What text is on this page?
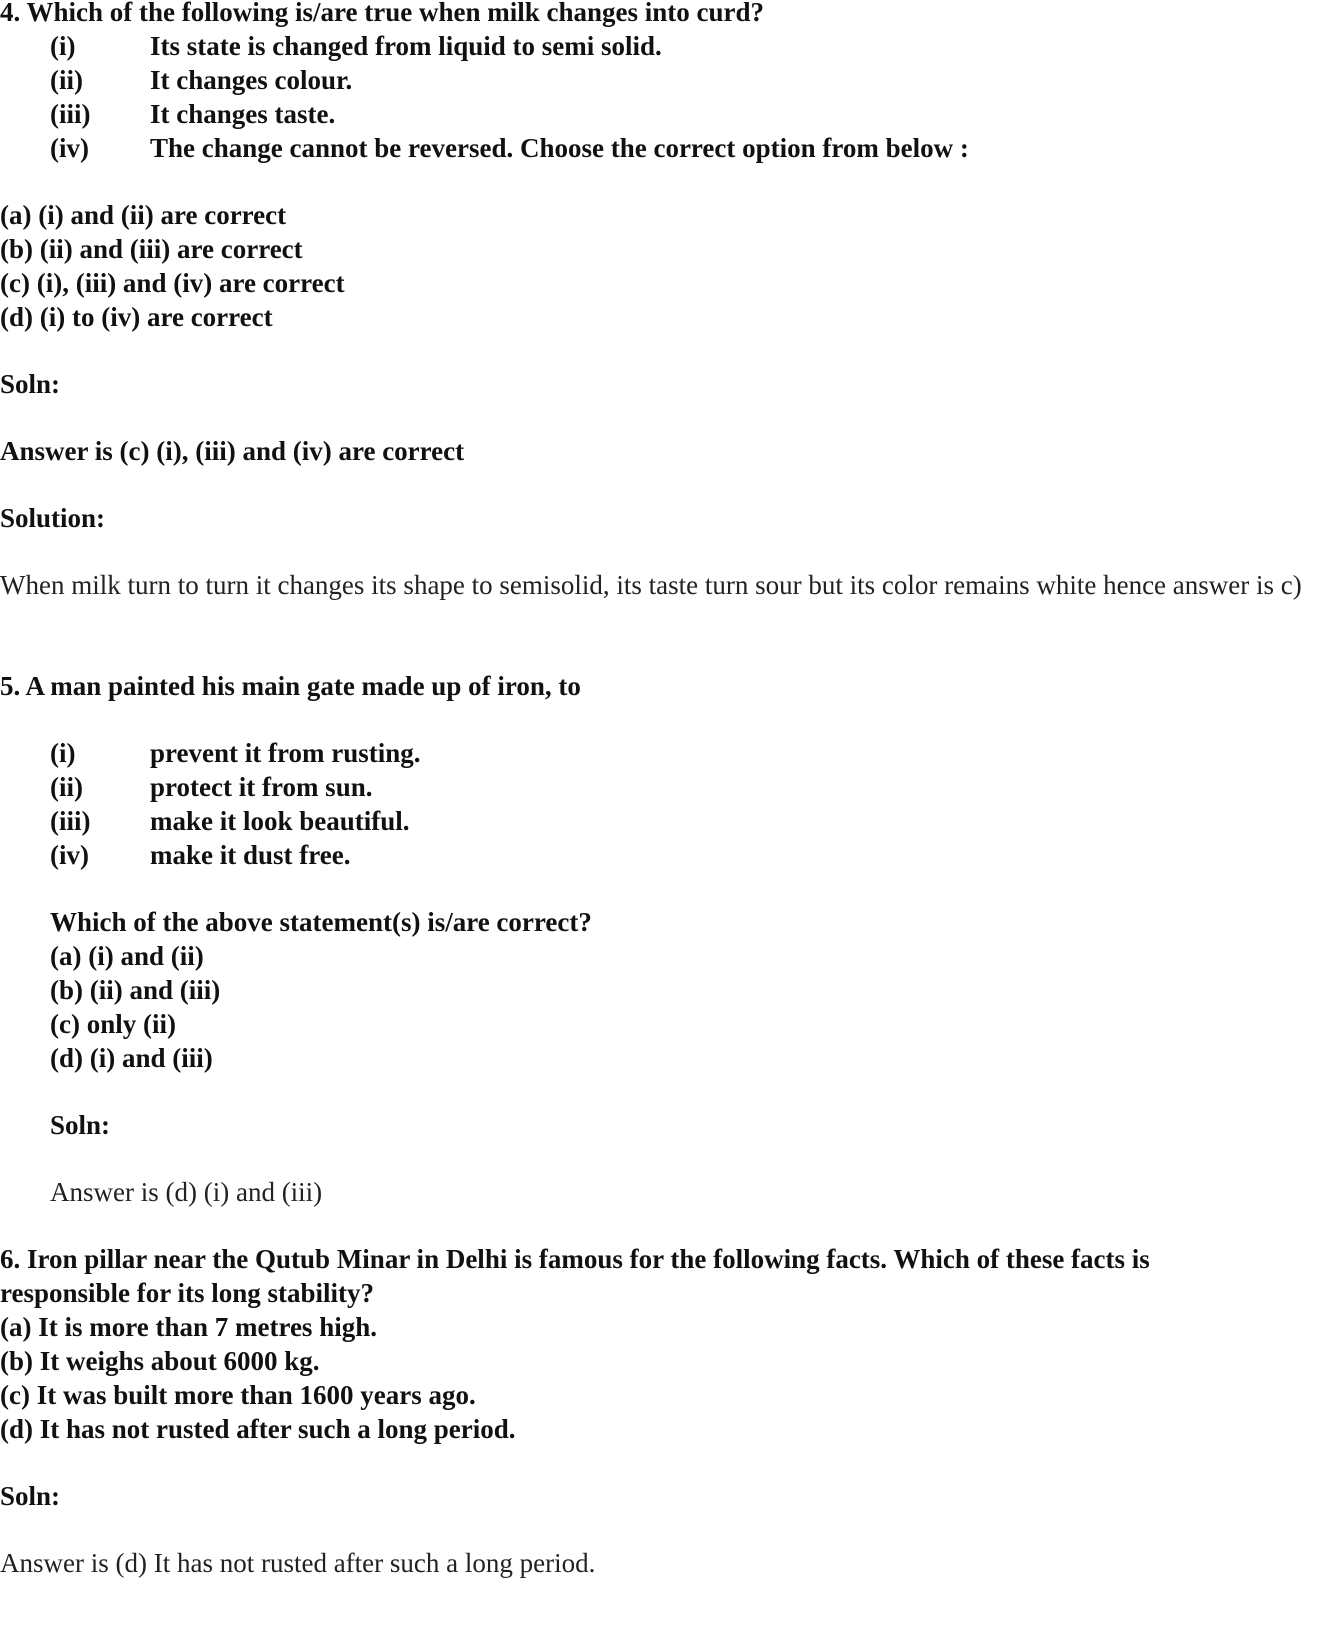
4. Which of the following is/are true when milk changes into curd?
(i)	Its state is changed from liquid to semi solid.
(ii) It changes colour.
(iii) It changes taste.
(iv) The change cannot be reversed. Choose the correct option from below :
(a) (i) and (ii) are correct
(b) (ii) and (iii) are correct
(c) (i), (iii) and (iv) are correct
(d) (i) to (iv) are correct
Soln:
Answer is (c) (i), (iii) and (iv) are correct
Solution:
When milk turn to turn it changes its shape to semisolid, its taste turn sour but its color remains white hence answer is c)
5. A man painted his main gate made up of iron, to
(i)	prevent it from rusting.
(ii) protect it from sun.
(iii) make it look beautiful.
(iv) make it dust free.
Which of the above statement(s) is/are correct?
(a) (i) and (ii)
(b) (ii) and (iii)
(c) only (ii)
(d) (i) and (iii)
Soln:
Answer is (d) (i) and (iii)
6. Iron pillar near the Qutub Minar in Delhi is famous for the following facts. Which of these facts is
responsible for its long stability?
(a) It is more than 7 metres high.
(b) It weighs about 6000 kg.
(c) It was built more than 1600 years ago.
(d) It has not rusted after such a long period.
Soln:
Answer is (d) It has not rusted after such a long period.
